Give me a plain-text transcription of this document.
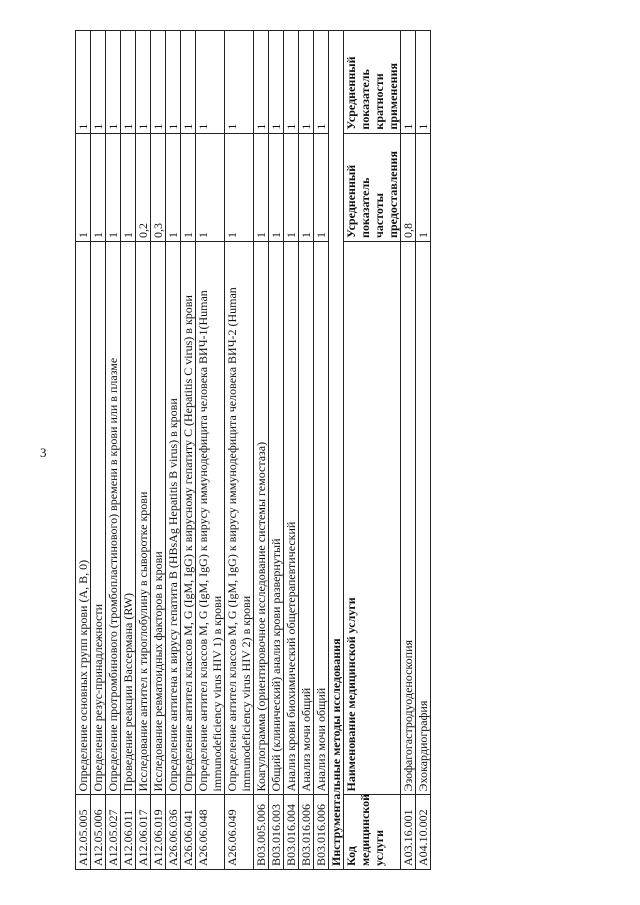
3
A12.05.005	Определение основных групп крови (A, B, 0)	1	1
A12.05.006	Определение резус-принадлежности	1	1
A12.05.027	Определение протромбинового (тромбопластинового) времени в крови или в плазме	1	1
A12.06.011	Проведение реакции Вассермана (RW)	1	1
A12.06.017	Исследование антител к тироглобулину в сыворотке крови	0,2	1
A12.06.019	Исследование ревматоидных факторов в крови	0,3	1
A26.06.036	Определение антигена к вирусу гепатита B (HBsAg Hepatitis B virus) в крови	1	1
A26.06.041	Определение антител классов M, G (IgM, IgG) к вирусному гепатиту C (Hepatitis C virus) в крови	1	1
A26.06.048	Определение антител классов M, G (IgM, IgG) к вирусу иммунодефицита человека ВИЧ-1(Human immunodeficiency virus HIV 1) в крови	1	1
A26.06.049	Определение антител классов M, G (IgM, IgG) к вирусу иммунодефицита человека ВИЧ-2 (Human immunodeficiency virus HIV 2) в крови	1	1
B03.005.006	Коагулограмма (ориентировочное исследование системы гемостаза)	1	1
B03.016.003	Общий (клинический) анализ крови развернутый	1	1
B03.016.004	Анализ крови биохимический общетерапевтический	1	1
B03.016.006	Анализ мочи общий	1	1
B03.016.006	Анализ мочи общий	1	1
Инструментальные методы исследования			
Код медицинской услуги	Наименование медицинской услуги	Усредненный показатель частоты предоставления	Усредненный показатель кратности применения
A03.16.001	Эзофагогастродуоденоскопия	0,8	1
A04.10.002	Эхокардиография	1	1
